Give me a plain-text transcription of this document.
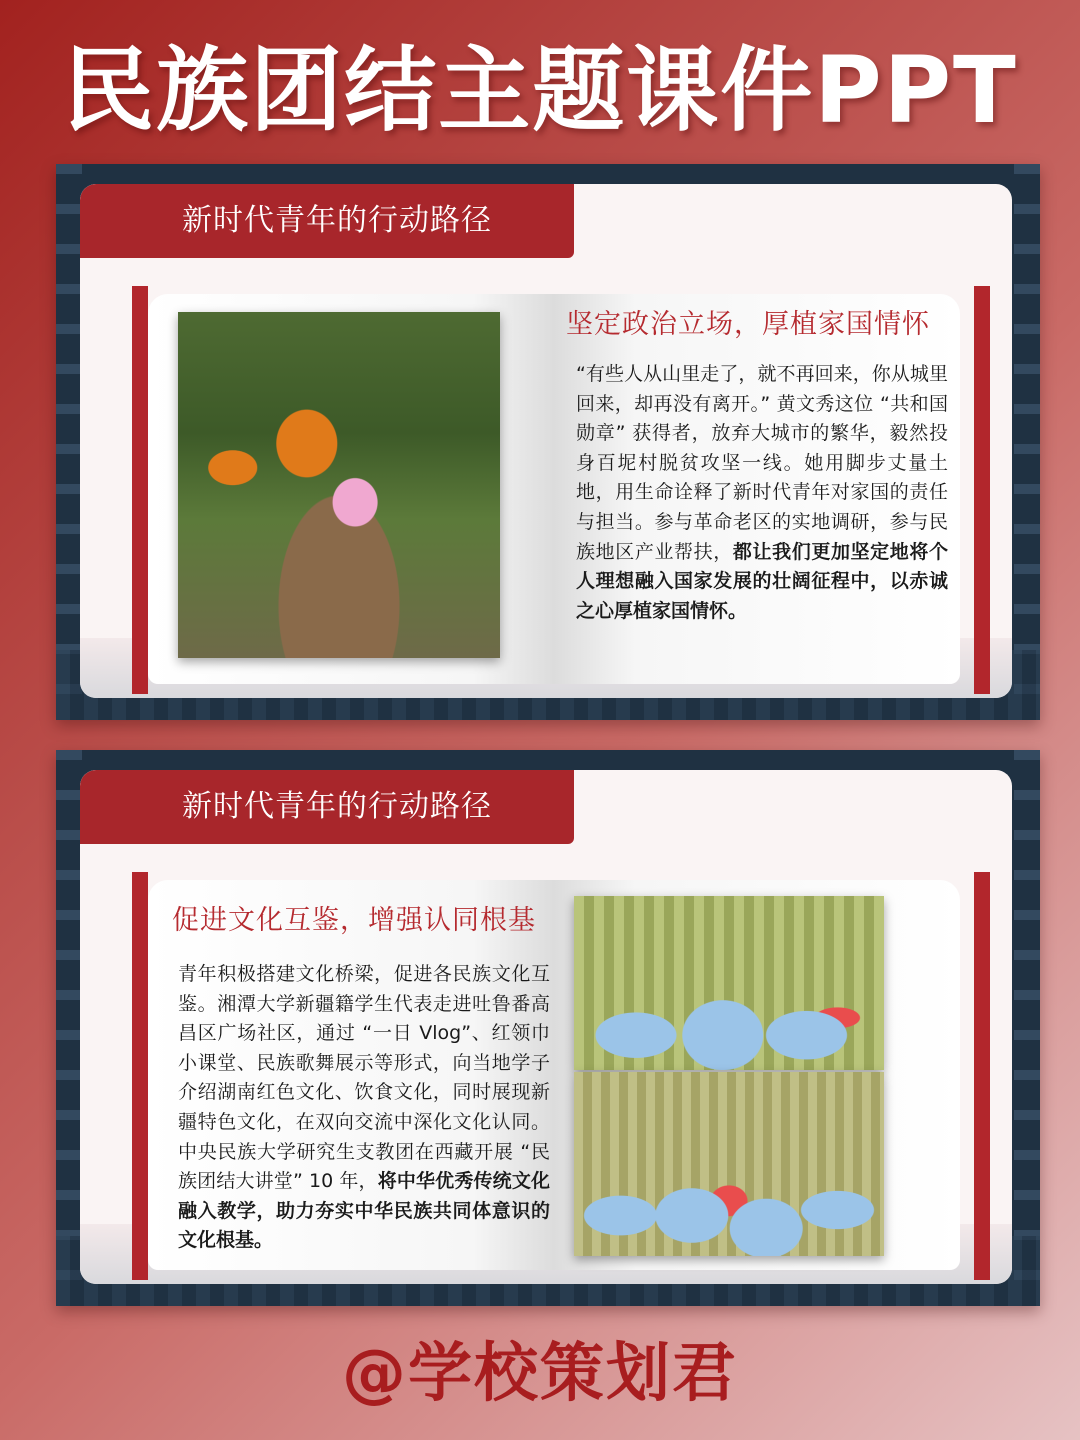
民族团结主题课件PPT
新时代青年的行动路径
坚定政治立场，厚植家国情怀
“有些人从山里走了，就不再回来，你从城里回来，却再没有离开。” 黄文秀这位 “共和国勋章” 获得者，放弃大城市的繁华，毅然投身百坭村脱贫攻坚一线。她用脚步丈量土地，用生命诠释了新时代青年对家国的责任与担当。参与革命老区的实地调研，参与民族地区产业帮扶，都让我们更加坚定地将个人理想融入国家发展的壮阔征程中，以赤诚之心厚植家国情怀。
新时代青年的行动路径
促进文化互鉴，增强认同根基
青年积极搭建文化桥梁，促进各民族文化互鉴。湘潭大学新疆籍学生代表走进吐鲁番高昌区广场社区，通过 “一日 Vlog”、红领巾小课堂、民族歌舞展示等形式，向当地学子介绍湖南红色文化、饮食文化，同时展现新疆特色文化，在双向交流中深化文化认同。中央民族大学研究生支教团在西藏开展 “民族团结大讲堂” 10 年，将中华优秀传统文化融入教学，助力夯实中华民族共同体意识的文化根基。
@学校策划君
